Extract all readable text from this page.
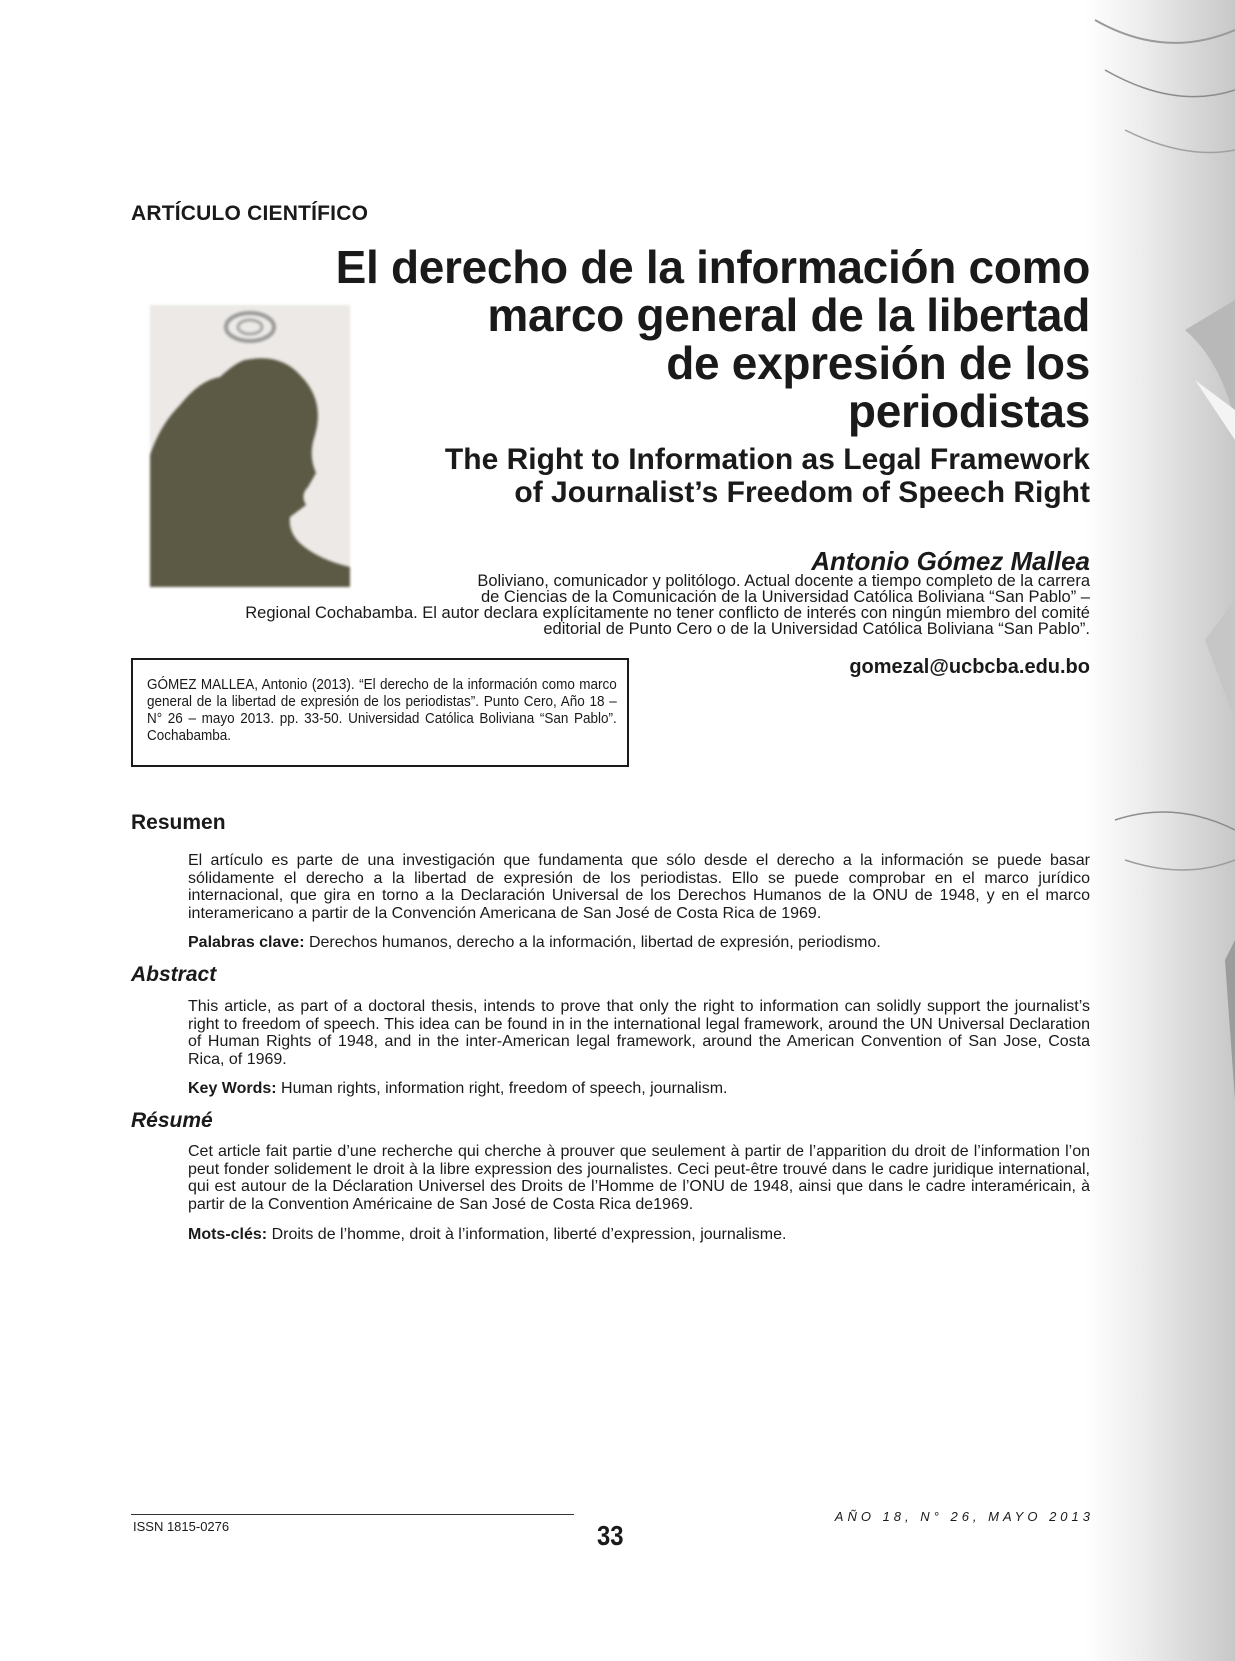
ARTÍCULO CIENTÍFICO
El derecho de la información como
marco general de la libertad
de expresión de los
periodistas
The Right to Information as Legal Framework
of Journalist’s Freedom of Speech Right
Antonio Gómez Mallea
Boliviano, comunicador y politólogo. Actual docente a tiempo completo de la carrera
de Ciencias de la Comunicación de la Universidad Católica Boliviana “San Pablo” –
Regional Cochabamba. El autor declara explícitamente no tener conflicto de interés con ningún miembro del comité
editorial de Punto Cero o de la Universidad Católica Boliviana “San Pablo”.
gomezal@ucbcba.edu.bo
GÓMEZ MALLEA, Antonio (2013). “El derecho de la información como marco general de la libertad de expresión de los periodistas”. Punto Cero, Año 18 – N° 26 – mayo 2013. pp. 33-50. Universidad Católica Boliviana “San Pablo”. Cochabamba.
Resumen
El artículo es parte de una investigación que fundamenta que sólo desde el derecho a la información se puede basar sólidamente el derecho a la libertad de expresión de los periodistas. Ello se puede comprobar en el marco jurídico internacional, que gira en torno a la Declaración Universal de los Derechos Humanos de la ONU de 1948, y en el marco interamericano a partir de la Convención Americana de San José de Costa Rica de 1969.
Palabras clave: Derechos humanos, derecho a la información, libertad de expresión, periodismo.
Abstract
This article, as part of a doctoral thesis, intends to prove that only the right to information can solidly support the journalist’s right to freedom of speech. This idea can be found in in the international legal framework, around the UN Universal Declaration of Human Rights of 1948, and in the inter-American legal framework, around the American Convention of San Jose, Costa Rica, of 1969.
Key Words: Human rights, information right, freedom of speech, journalism.
Résumé
Cet article fait partie d’une recherche qui cherche à prouver que seulement à partir de l’apparition du droit de l’information l’on peut fonder solidement le droit à la libre expression des journalistes. Ceci peut-être trouvé dans le cadre juridique international, qui est autour de la Déclaration Universel des Droits de l’Homme de l’ONU de 1948, ainsi que dans le cadre interaméricain, à partir de la Convention Américaine de San José de Costa Rica de1969.
Mots-clés: Droits de l’homme, droit à l’information, liberté d’expression, journalisme.
ISSN 1815-0276	33
AÑO 18, N° 26, MAYO 2013
